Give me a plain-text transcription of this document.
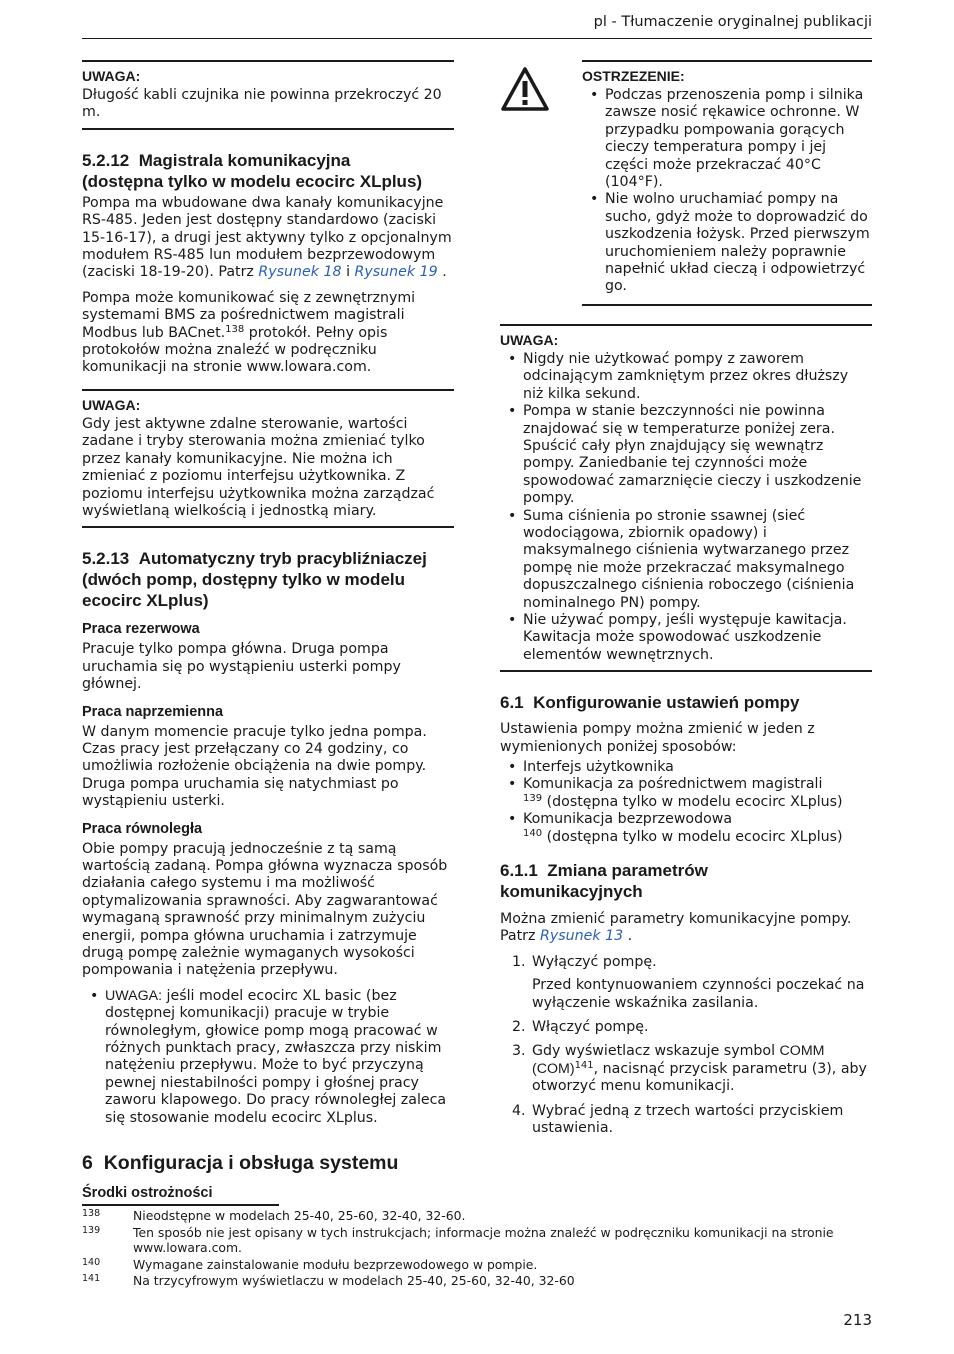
pl - Tłumaczenie oryginalnej publikacji
UWAGA:

Długość kabli czujnika nie powinna przekroczyć 20 m.

5.2.12 Magistrala komunikacyjna
(dostępna tylko w modelu ecocirc XLplus)

Pompa ma wbudowane dwa kanały komunikacyjne RS-485. Jeden jest dostępny standardowo (zaciski 15-16-17), a drugi jest aktywny tylko z opcjonalnym modułem RS-485 lun modułem bezprzewodowym (zaciski 18-19-20). Patrz Rysunek 18 i Rysunek 19 .

Pompa może komunikować się z zewnętrznymi systemami BMS za pośrednictwem magistrali Modbus lub BACnet.$^{138}$ protokół. Pełny opis protokołów można znaleźć w podręczniku komunikacji na stronie www.lowara.com.

UWAGA:

Gdy jest aktywne zdalne sterowanie, wartości zadane i tryby sterowania można zmieniać tylko przez kanały komunikacyjne. Nie można ich zmieniać z poziomu interfejsu użytkownika. Z poziomu interfejsu użytkownika można zarządzać wyświetlaną wielkością i jednostką miary.

5.2.13 Automatyczny tryb pracybliźniaczej
(dwóch pomp, dostępny tylko w modelu ecocirc XLplus)
Praca rezerwowa

Pracuje tylko pompa główna. Druga pompa uruchamia się po wystąpieniu usterki pompy głównej.

Praca naprzemienna

W danym momencie pracuje tylko jedna pompa. Czas pracy jest przełączany co 24 godziny, co umożliwia rozłożenie obciążenia na dwie pompy. Druga pompa uruchamia się natychmiast po wystąpieniu usterki.

Praca równoległa

Obie pompy pracują jednocześnie z tą samą wartością zadaną. Pompa główna wyznacza sposób działania całego systemu i ma możliwość optymalizowania sprawności. Aby zagwarantować wymaganą sprawność przy minimalnym zużyciu energii, pompa główna uruchamia i zatrzymuje drugą pompę zależnie wymaganych wysokości pompowania i natężenia przepływu.

• UWAGA: jeśli model ecocirc XL basic (bez dostępnej komunikacji) pracuje w trybie równoległym, głowice pomp mogą pracować w różnych punktach pracy, zwłaszcza przy niskim natężeniu przepływu. Może to być przyczyną pewnej niestabilności pompy i głośnej pracy zaworu klapowego. Do pracy równoległej zaleca się stosowanie modelu ecocirc XLplus.
6 Konfiguracja i obsługa systemu
Środki ostrożności
OSTRZEZENIE:
• Podczas przenoszenia pomp i silnika zawsze nosić rękawice ochronne. W przypadku pompowania gorących cieczy temperatura pompy i jej części może przekraczać 40°C (104°F).
• Nie wolno uruchamiać pompy na sucho, gdyż może to doprowadzić do uszkodzenia łożysk. Przed pierwszym uruchomieniem należy poprawnie napełnić układ cieczą i odpowietrzyć go.
UWAGA:
• Nigdy nie użytkować pompy z zaworem odcinającym zamkniętym przez okres dłuższy niż kilka sekund.
• Pompa w stanie bezczynności nie powinna znajdować się w temperaturze poniżej zera. Spuścić cały płyn znajdujący się wewnątrz pompy. Zaniedbanie tej czynności może spowodować zamarznięcie cieczy i uszkodzenie pompy.
• Suma ciśnienia po stronie ssawnej (sieć wodociągowa, zbiornik opadowy) i maksymalnego ciśnienia wytwarzanego przez pompę nie może przekraczać maksymalnego dopuszczalnego ciśnienia roboczego (ciśnienia nominalnego PN) pompy.
• Nie używać pompy, jeśli występuje kawitacja. Kawitacja może spowodować uszkodzenie elementów wewnętrznych.
6.1 Konfigurowanie ustawień pompy

Ustawienia pompy można zmienić w jeden z wymienionych poniżej sposobów:

• Interfejs użytkownika
• Komunikacja za pośrednictwem magistrali
$^{139}$ (dostępna tylko w modelu ecocirc XLplus)
• Komunikacja bezprzewodowa
$^{140}$ (dostępna tylko w modelu ecocirc XLplus)
6.1.1 Zmiana parametrów
komunikacyjnych

Można zmienić parametry komunikacyjne pompy. Patrz Rysunek 13 .

1. Wyłączyć pompę.

Przed kontynuowaniem czynności poczekać na wyłączenie wskaźnika zasilania.

2. Włączyć pompę.
3. Gdy wyświetlacz wskazuje symbol COMM (COM)$^{141}$, nacisnąć przycisk parametru (3), aby otworzyć menu komunikacji.
4. Wybrać jedną z trzech wartości przyciskiem ustawienia.
138	Nieodstępne w modelach 25-40, 25-60, 32-40, 32-60.
139	Ten sposób nie jest opisany w tych instrukcjach; informacje można znaleźć w podręczniku komunikacji na stronie www.lowara.com.
140	Wymagane zainstalowanie modułu bezprzewodowego w pompie.
141	Na trzycyfrowym wyświetlaczu w modelach 25-40, 25-60, 32-40, 32-60
213
